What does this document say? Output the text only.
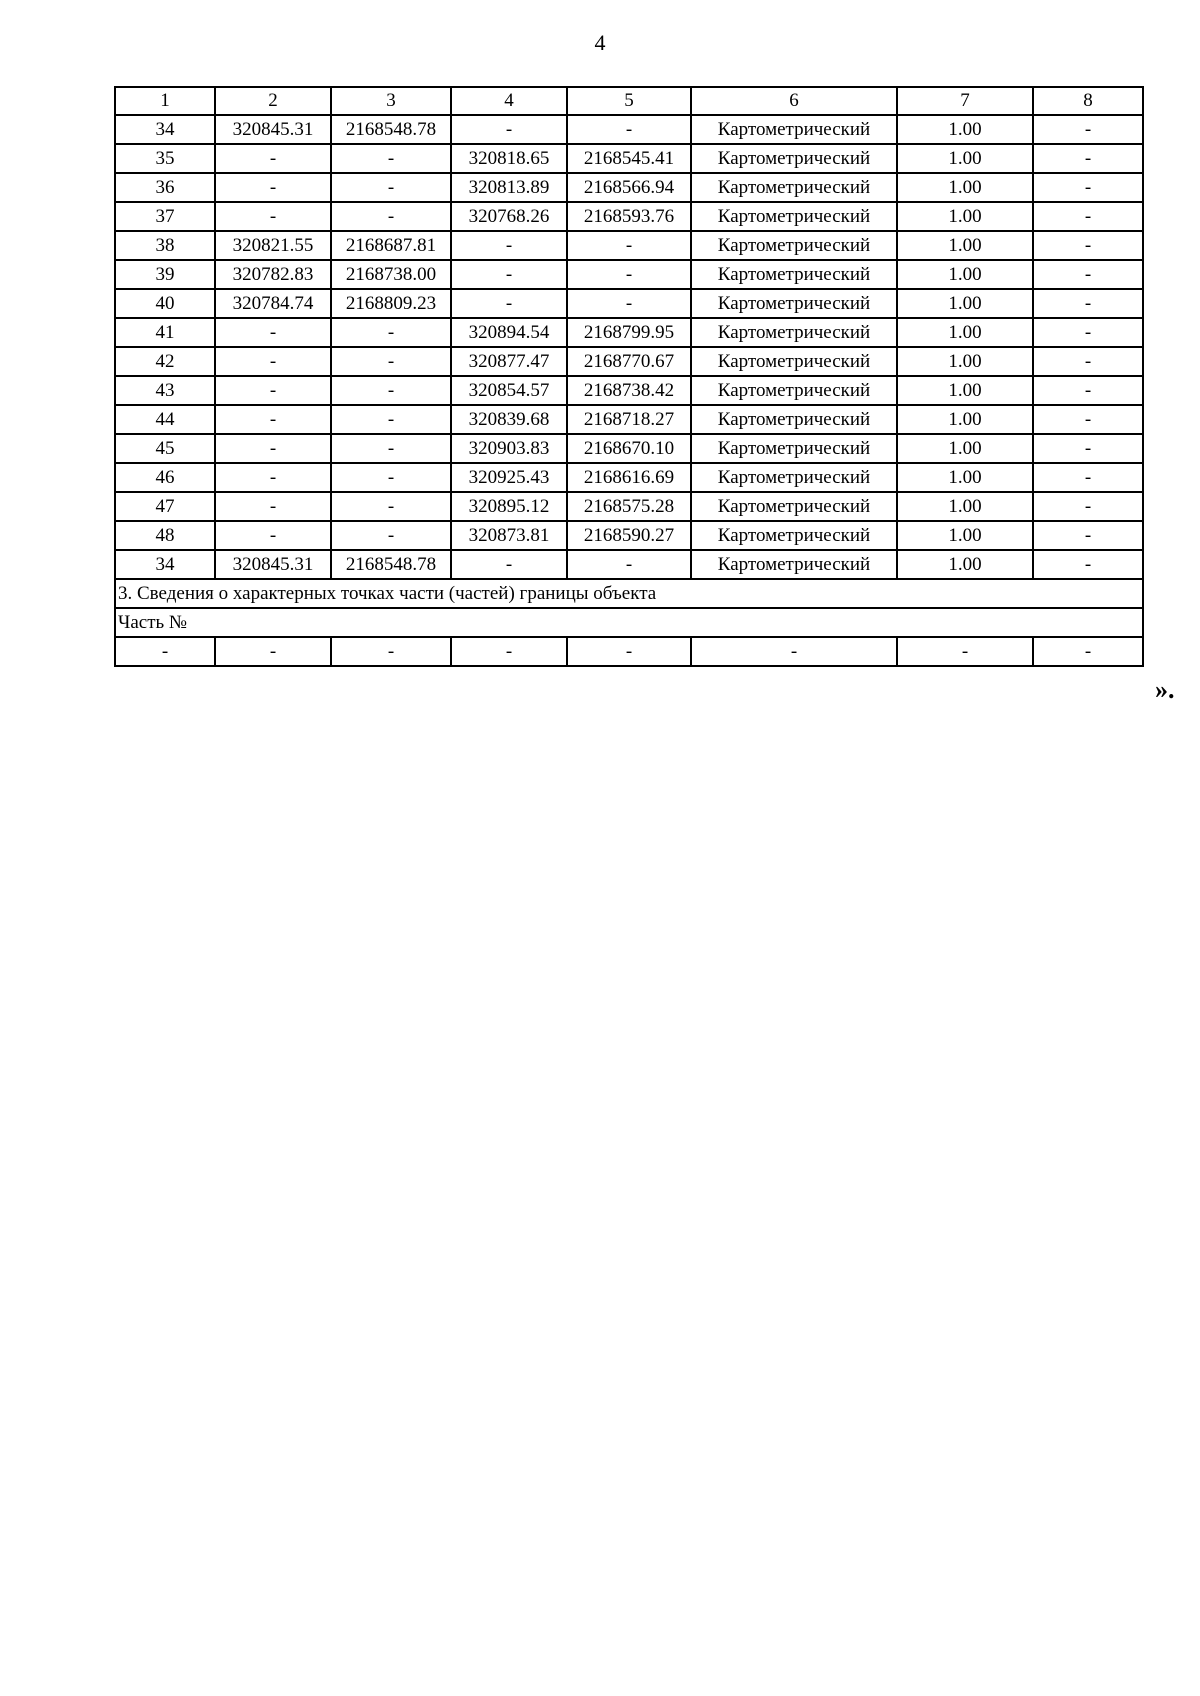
4
1	2	3	4	5	6	7	8
34	320845.31	2168548.78	-	-	Картометрический	1.00	-
35	-	-	320818.65	2168545.41	Картометрический	1.00	-
36	-	-	320813.89	2168566.94	Картометрический	1.00	-
37	-	-	320768.26	2168593.76	Картометрический	1.00	-
38	320821.55	2168687.81	-	-	Картометрический	1.00	-
39	320782.83	2168738.00	-	-	Картометрический	1.00	-
40	320784.74	2168809.23	-	-	Картометрический	1.00	-
41	-	-	320894.54	2168799.95	Картометрический	1.00	-
42	-	-	320877.47	2168770.67	Картометрический	1.00	-
43	-	-	320854.57	2168738.42	Картометрический	1.00	-
44	-	-	320839.68	2168718.27	Картометрический	1.00	-
45	-	-	320903.83	2168670.10	Картометрический	1.00	-
46	-	-	320925.43	2168616.69	Картометрический	1.00	-
47	-	-	320895.12	2168575.28	Картометрический	1.00	-
48	-	-	320873.81	2168590.27	Картометрический	1.00	-
34	320845.31	2168548.78	-	-	Картометрический	1.00	-
3. Сведения о характерных точках части (частей) границы объекта							
Часть №							
-	-	-	-	-	-	-	-
».
